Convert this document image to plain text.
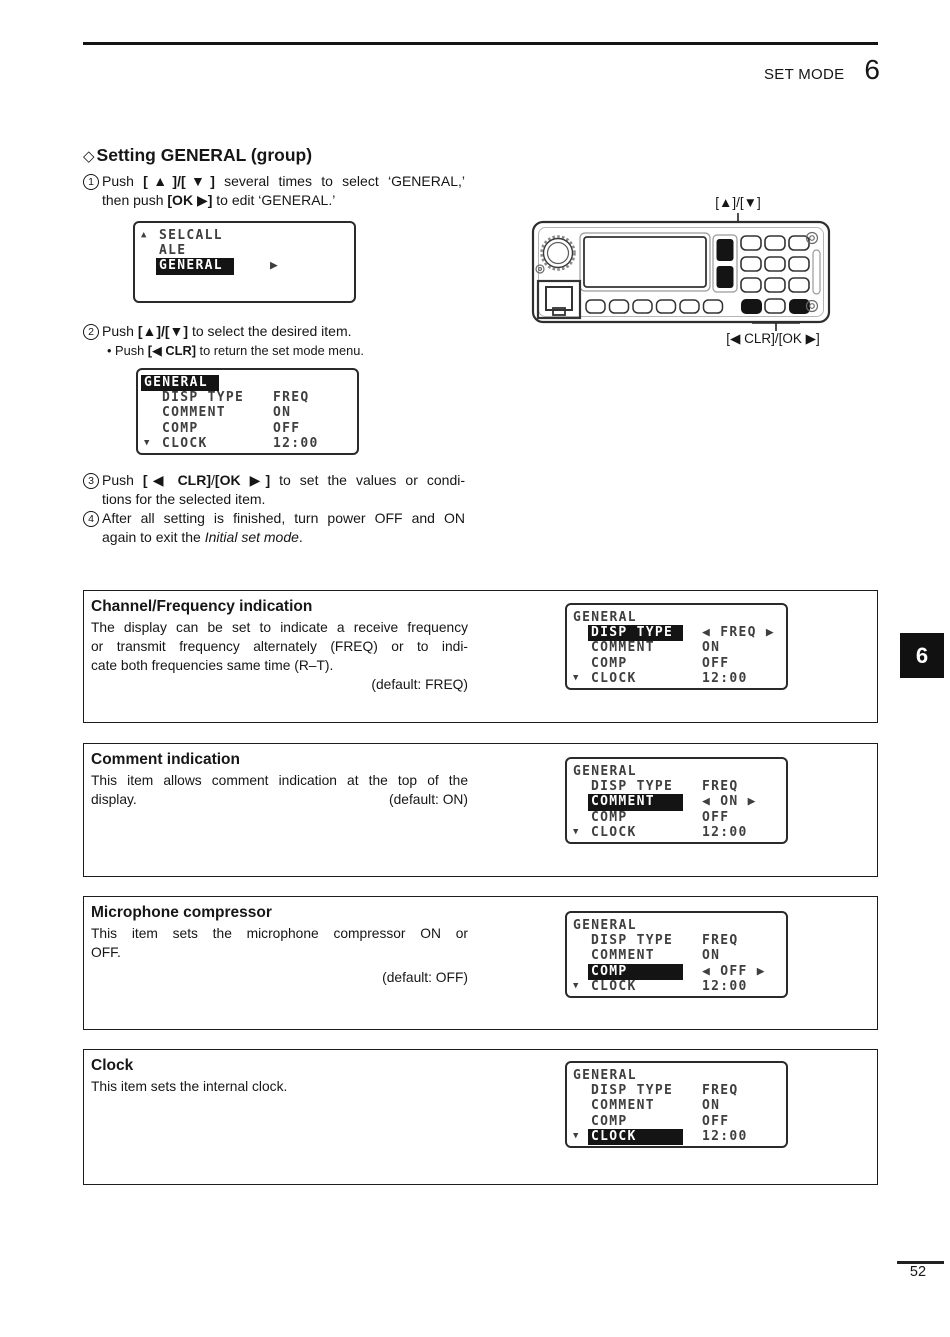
SET MODE 6
◇ Setting GENERAL (group)
1 Push [▲]/[▼] several times to select ‘GENERAL,’
then push [OK ▶] to edit ‘GENERAL.’
2 Push [▲]/[▼] to select the desired item.
• Push [◀ CLR] to return the set mode menu.
3 Push [◀ CLR]/[OK ▶] to set the values or condi-
tions for the selected item.
4 After all setting is finished, turn power OFF and ON
again to exit the Initial set mode.
▲ SELCALL
ALE
GENERAL	▶
GENERAL
DISP TYPE	FREQ
COMMENT	ON
COMP	OFF
▼ CLOCK	12:00
[▲]/[▼]
[◀ CLR]/[OK ▶]
Channel/Frequency indication
The display can be set to indicate a receive frequency
or transmit frequency alternately (FREQ) or to indi-
cate both frequencies same time (R–T).
(default: FREQ)
Comment indication
This item allows comment indication at the top of the
display.	(default: ON)
Microphone compressor
This item sets the microphone compressor ON or
OFF.
(default: OFF)
Clock
This item sets the internal clock.
GENERAL
DISP TYPE	◀ FREQ ▶
COMMENT	ON
COMP	OFF
▼ CLOCK	12:00
GENERAL
DISP TYPE	FREQ
COMMENT	◀ ON ▶
COMP	OFF
▼ CLOCK	12:00
GENERAL
DISP TYPE	FREQ
COMMENT	ON
COMP	◀ OFF ▶
▼ CLOCK	12:00
GENERAL
DISP TYPE	FREQ
COMMENT	ON
COMP	OFF
▼ CLOCK	12:00
6
52
